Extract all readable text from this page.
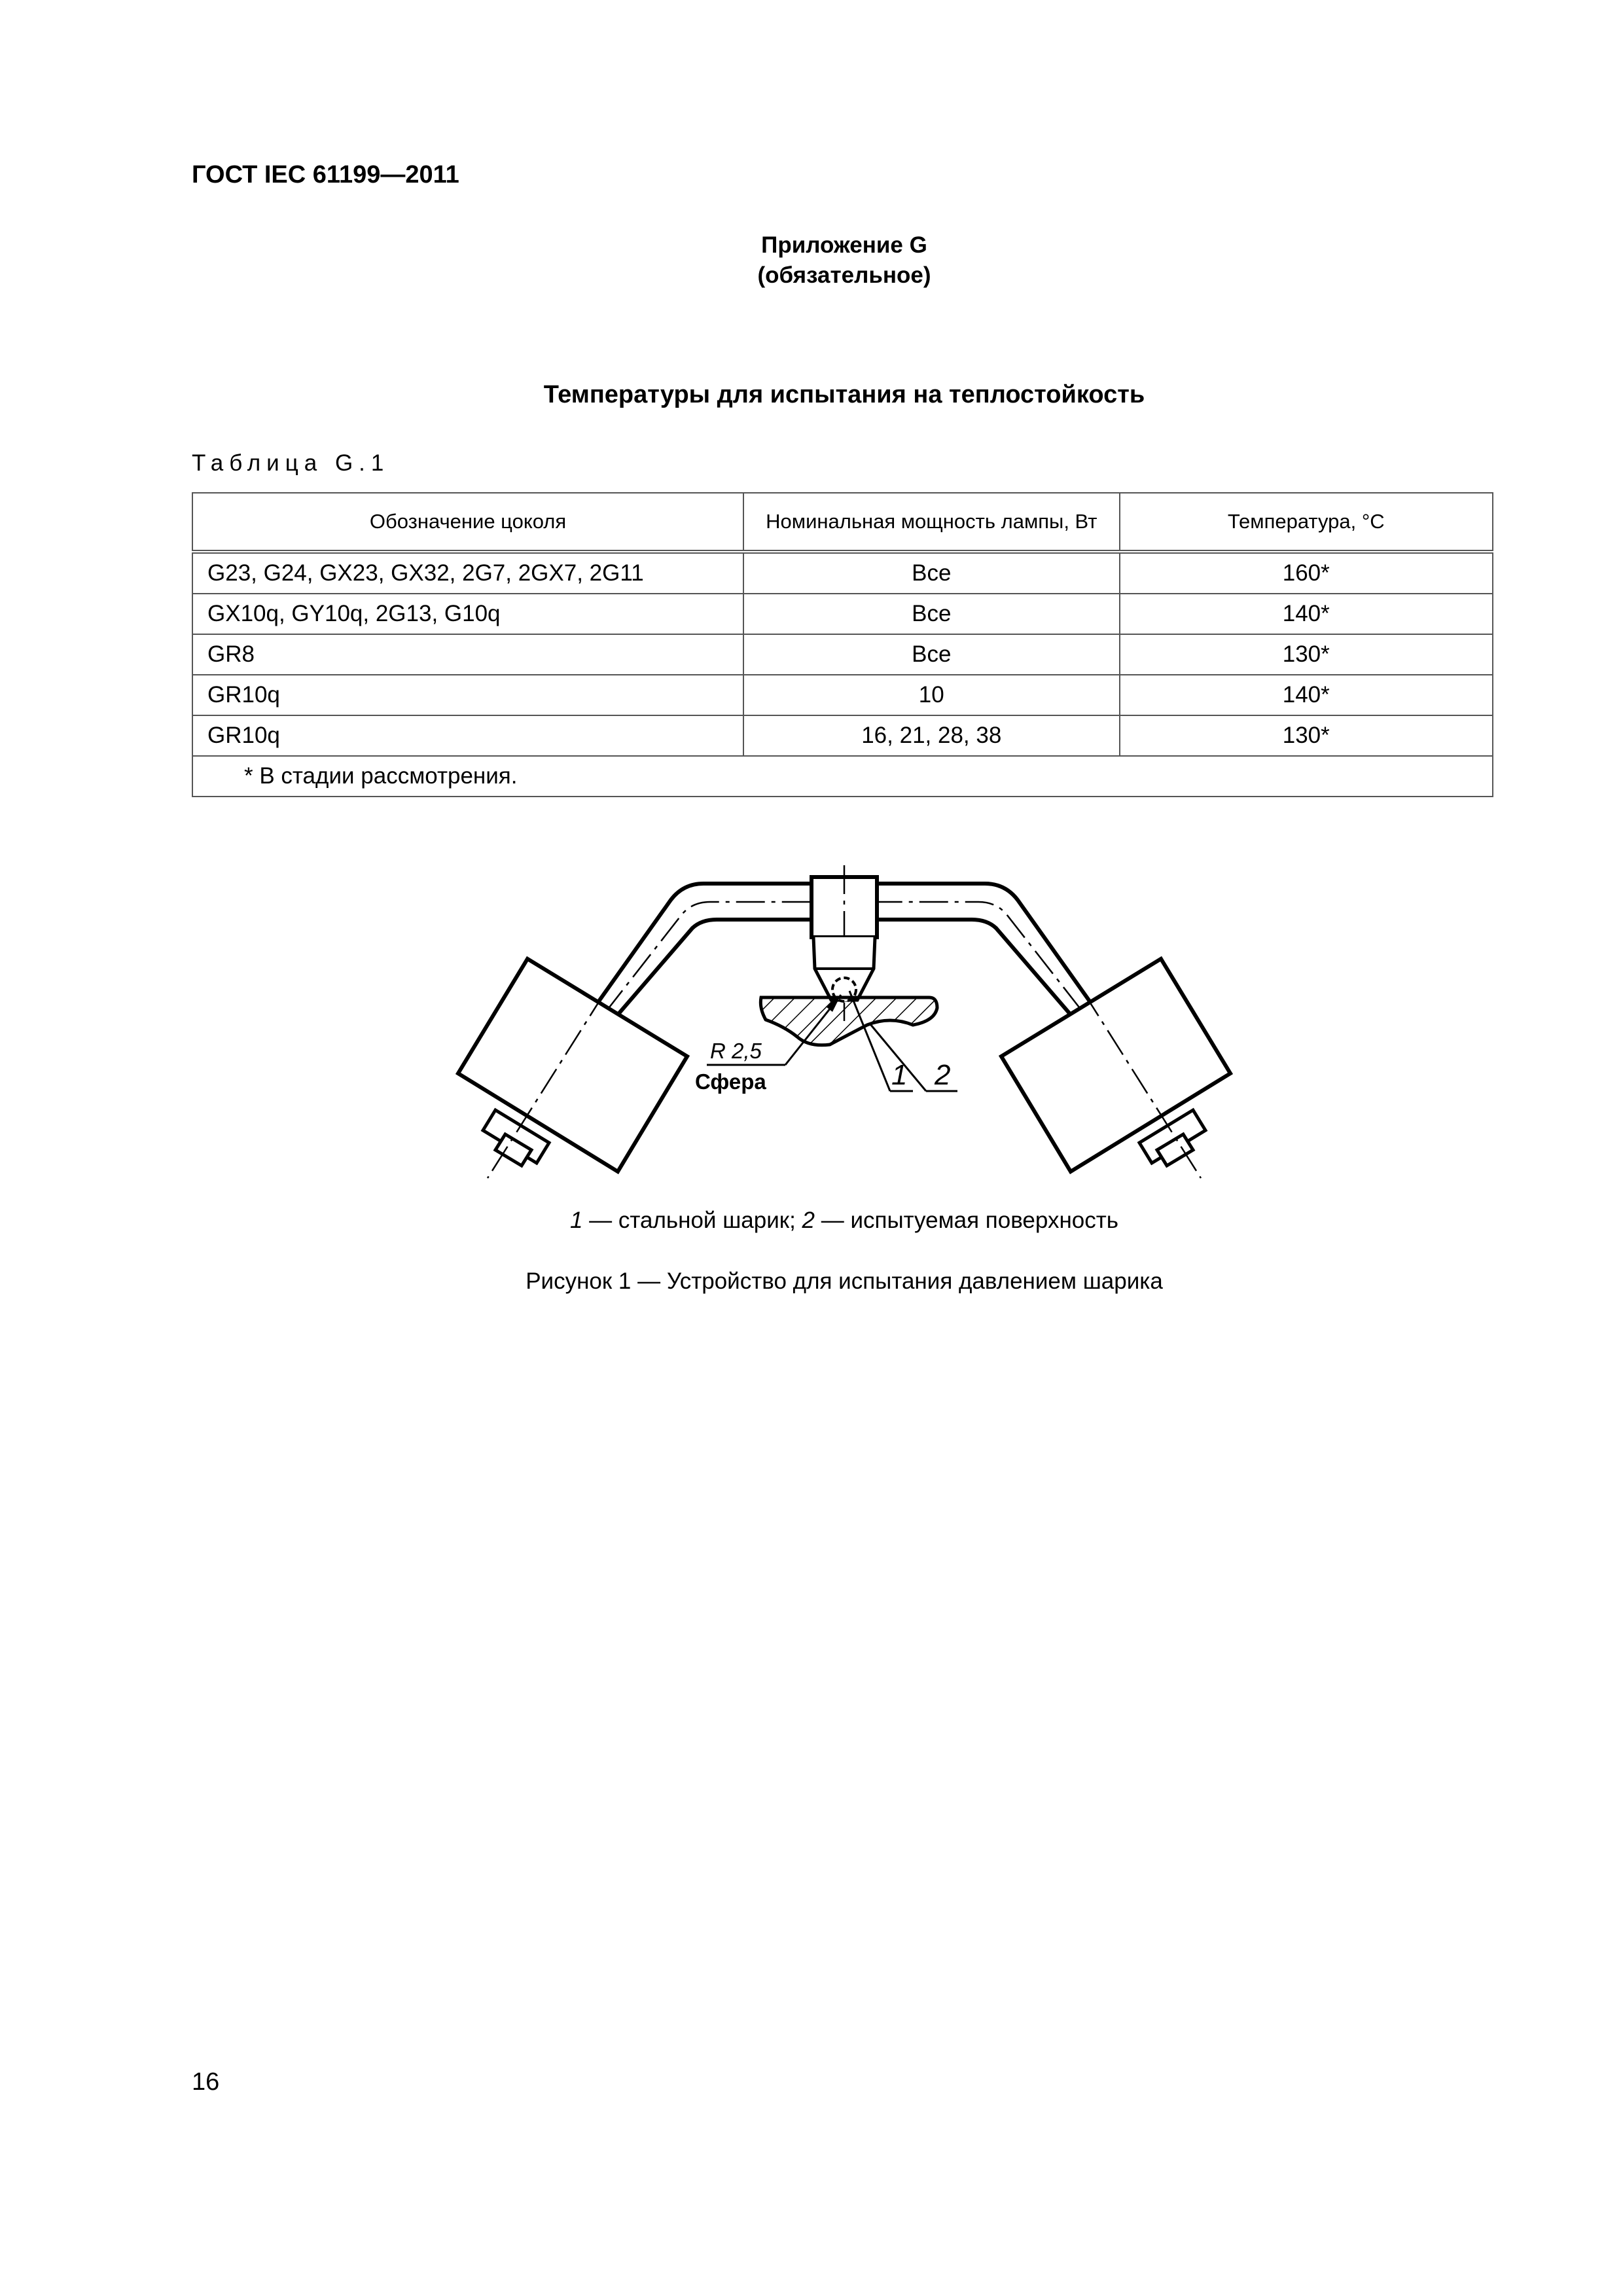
ГОСТ IEC 61199—2011
Приложение G
(обязательное)
Температуры для испытания на теплостойкость
Таблица G.1
Обозначение цоколя	Номинальная мощность лампы, Вт	Температура, °С
G23, G24, GX23, GX32, 2G7, 2GX7, 2G11	Все	160*
GX10q, GY10q, 2G13, G10q	Все	140*
GR8	Все	130*
GR10q	10	140*
GR10q	16, 21, 28, 38	130*
* В стадии рассмотрения.		
R 2,5
Сфера	1 2
1 — стальной шарик; 2 — испытуемая поверхность
Рисунок 1 — Устройство для испытания давлением шарика
16
